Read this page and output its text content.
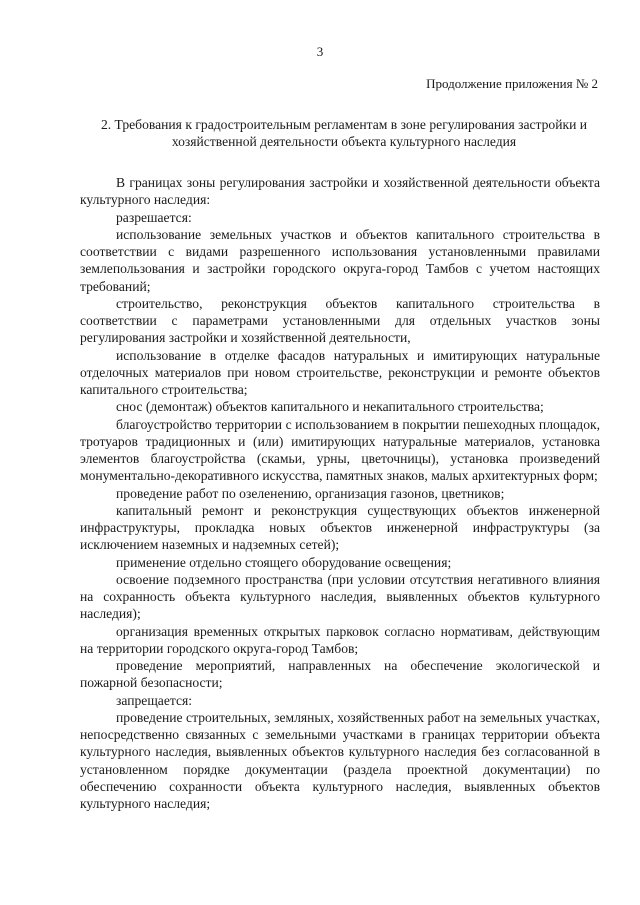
3
Продолжение приложения № 2
2. Требования к градостроительным регламентам в зоне регулирования застройки и хозяйственной деятельности объекта культурного наследия

В границах зоны регулирования застройки и хозяйственной деятельности объекта культурного наследия:

разрешается:

использование земельных участков и объектов капитального строительства в соответствии с видами разрешенного использования установленными правилами землепользования и застройки городского округа-город Тамбов с учетом настоящих требований;

строительство, реконструкция объектов капитального строительства в соответствии с параметрами установленными для отдельных участков зоны регулирования застройки и хозяйственной деятельности,

использование в отделке фасадов натуральных и имитирующих натуральные отделочных материалов при новом строительстве, реконструкции и ремонте объектов капитального строительства;

снос (демонтаж) объектов капитального и некапитального строительства;

благоустройство территории с использованием в покрытии пешеходных площадок, тротуаров традиционных и (или) имитирующих натуральные материалов, установка элементов благоустройства (скамьи, урны, цветочницы), установка произведений монументально-декоративного искусства, памятных знаков, малых архитектурных форм;

проведение работ по озеленению, организация газонов, цветников;

капитальный ремонт и реконструкция существующих объектов инженерной инфраструктуры, прокладка новых объектов инженерной инфраструктуры (за исключением наземных и надземных сетей);

применение отдельно стоящего оборудование освещения;

освоение подземного пространства (при условии отсутствия негативного влияния на сохранность объекта культурного наследия, выявленных объектов культурного наследия);

организация временных открытых парковок согласно нормативам, действующим на территории городского округа-город Тамбов;

проведение мероприятий, направленных на обеспечение экологической и пожарной безопасности;

запрещается:

проведение строительных, земляных, хозяйственных работ на земельных участках, непосредственно связанных с земельными участками в границах территории объекта культурного наследия, выявленных объектов культурного наследия без согласованной в установленном порядке документации (раздела проектной документации) по обеспечению сохранности объекта культурного наследия, выявленных объектов культурного наследия;
